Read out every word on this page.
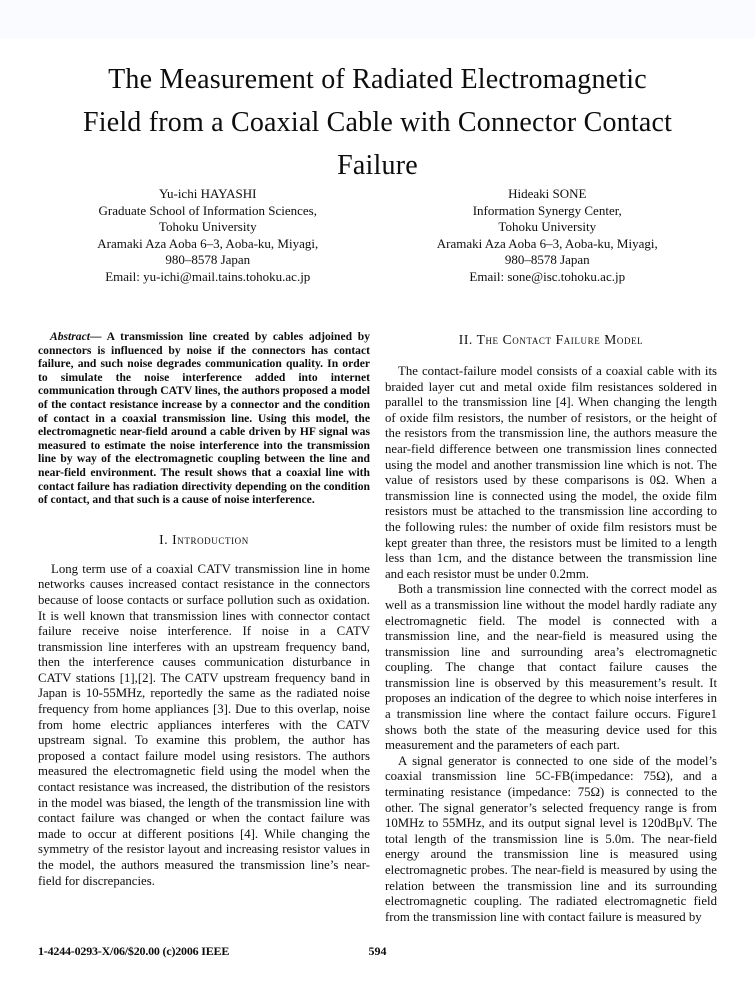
The Measurement of Radiated Electromagnetic
Field from a Coaxial Cable with Connector Contact
Failure
Yu-ichi HAYASHI
Graduate School of Information Sciences,
Tohoku University
Aramaki Aza Aoba 6–3, Aoba-ku, Miyagi,
980–8578 Japan
Email: yu-ichi@mail.tains.tohoku.ac.jp
Hideaki SONE
Information Synergy Center,
Tohoku University
Aramaki Aza Aoba 6–3, Aoba-ku, Miyagi,
980–8578 Japan
Email: sone@isc.tohoku.ac.jp

Abstract— A transmission line created by cables adjoined by connectors is influenced by noise if the connectors has contact failure, and such noise degrades communication quality. In order to simulate the noise interference added into internet communication through CATV lines, the authors proposed a model of the contact resistance increase by a connector and the condition of contact in a coaxial transmission line. Using this model, the electromagnetic near-field around a cable driven by HF signal was measured to estimate the noise interference into the transmission line by way of the electromagnetic coupling between the line and near-field environment. The result shows that a coaxial line with contact failure has radiation directivity depending on the condition of contact, and that such is a cause of noise interference.

I. Introduction

Long term use of a coaxial CATV transmission line in home networks causes increased contact resistance in the connectors because of loose contacts or surface pollution such as oxidation. It is well known that transmission lines with connector contact failure receive noise interference. If noise in a CATV transmission line interferes with an upstream frequency band, then the interference causes communication disturbance in CATV stations [1],[2]. The CATV upstream frequency band in Japan is 10-55MHz, reportedly the same as the radiated noise frequency from home appliances [3]. Due to this overlap, noise from home electric appliances interferes with the CATV upstream signal. To examine this problem, the author has proposed a contact failure model using resistors. The authors measured the electromagnetic field using the model when the contact resistance was increased, the distribution of the resistors in the model was biased, the length of the transmission line with contact failure was changed or when the contact failure was made to occur at different positions [4]. While changing the symmetry of the resistor layout and increasing resistor values in the model, the authors measured the transmission line’s near-field for discrepancies.

II. The Contact Failure Model

The contact-failure model consists of a coaxial cable with its braided layer cut and metal oxide film resistances soldered in parallel to the transmission line [4]. When changing the length of oxide film resistors, the number of resistors, or the height of the resistors from the transmission line, the authors measure the near-field difference between one transmission lines connected using the model and another transmission line which is not. The value of resistors used by these comparisons is 0Ω. When a transmission line is connected using the model, the oxide film resistors must be attached to the transmission line according to the following rules: the number of oxide film resistors must be kept greater than three, the resistors must be limited to a length less than 1cm, and the distance between the transmission line and each resistor must be under 0.2mm.

Both a transmission line connected with the correct model as well as a transmission line without the model hardly radiate any electromagnetic field. The model is connected with a transmission line, and the near-field is measured using the transmission line and surrounding area’s electromagnetic coupling. The change that contact failure causes the transmission line is observed by this measurement’s result. It proposes an indication of the degree to which noise interferes in a transmission line where the contact failure occurs. Figure1 shows both the state of the measuring device used for this measurement and the parameters of each part.

A signal generator is connected to one side of the model’s coaxial transmission line 5C-FB(impedance: 75Ω), and a terminating resistance (impedance: 75Ω) is connected to the other. The signal generator’s selected frequency range is from 10MHz to 55MHz, and its output signal level is 120dBμV. The total length of the transmission line is 5.0m. The near-field energy around the transmission line is measured using electromagnetic probes. The near-field is measured by using the relation between the transmission line and its surrounding electromagnetic coupling. The radiated electromagnetic field from the transmission line with contact failure is measured by

1-4244-0293-X/06/$20.00 (c)2006 IEEE	594
